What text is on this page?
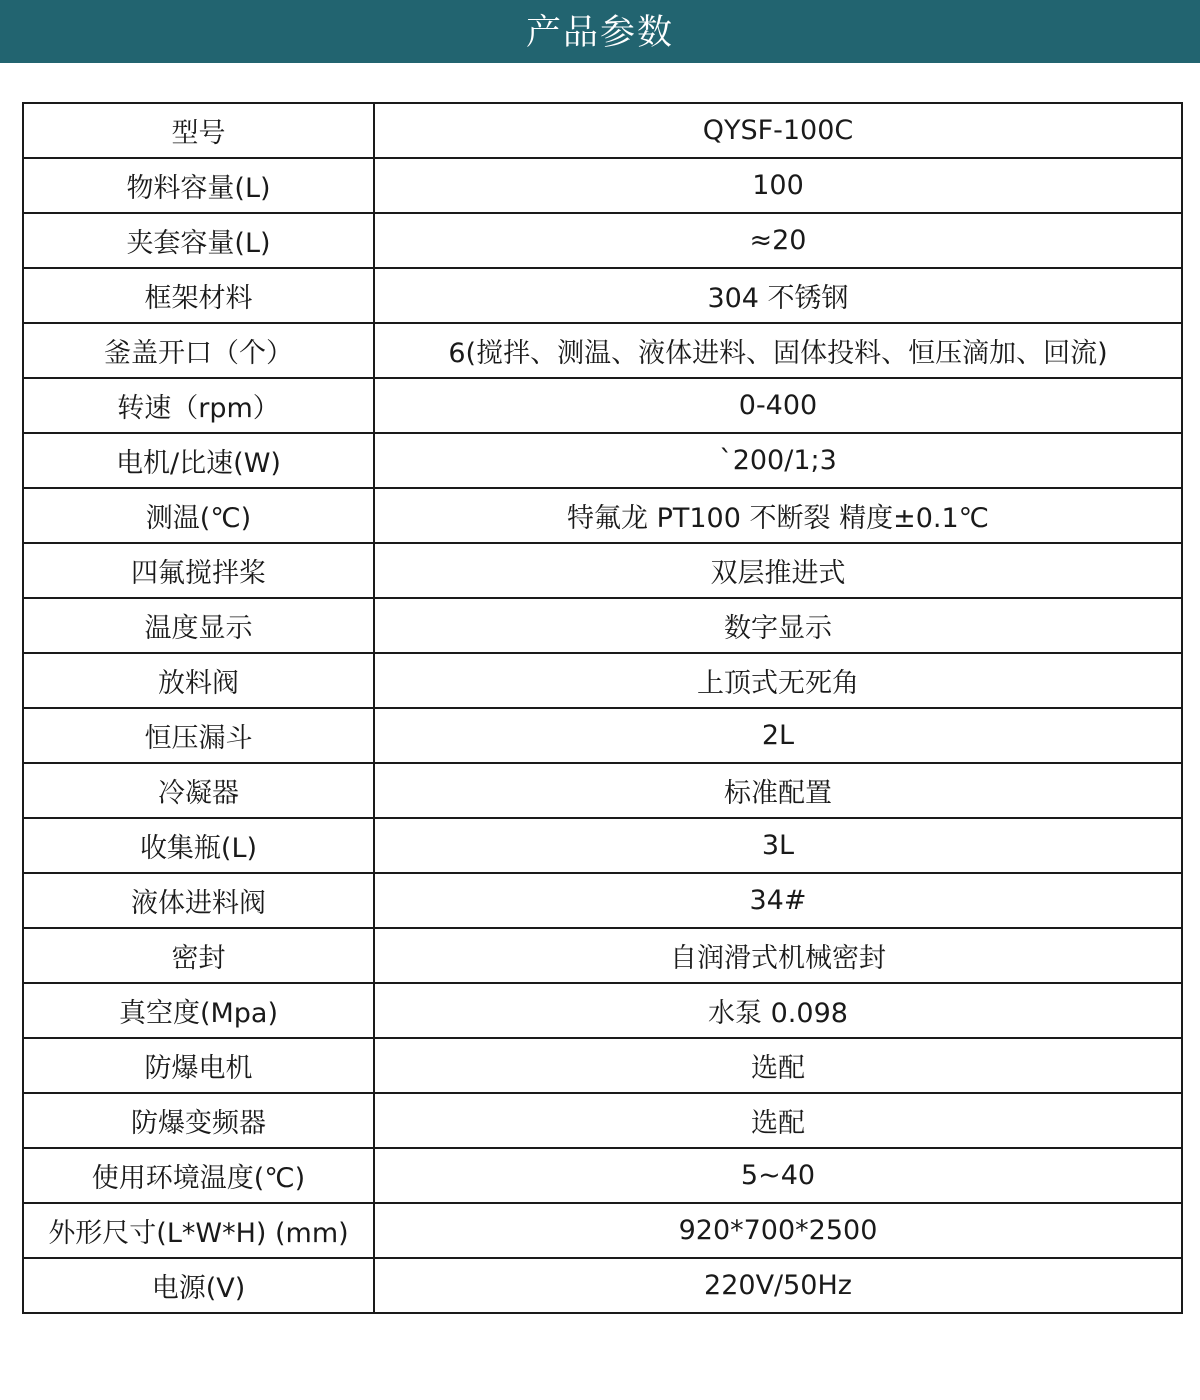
产品参数
型号	QYSF-100C
物料容量(L)	100
夹套容量(L)	≈20
框架材料	304 不锈钢
釜盖开口（个）	6(搅拌、测温、液体进料、固体投料、恒压滴加、回流)
转速（rpm）	0-400
电机/比速(W)	`200/1;3
测温(℃)	特氟龙 PT100 不断裂 精度±0.1℃
四氟搅拌桨	双层推进式
温度显示	数字显示
放料阀	上顶式无死角
恒压漏斗	2L
冷凝器	标准配置
收集瓶(L)	3L
液体进料阀	34#
密封	自润滑式机械密封
真空度(Mpa)	水泵 0.098
防爆电机	选配
防爆变频器	选配
使用环境温度(℃)	5~40
外形尺寸(L*W*H) (mm)	920*700*2500
电源(V)	220V/50Hz
